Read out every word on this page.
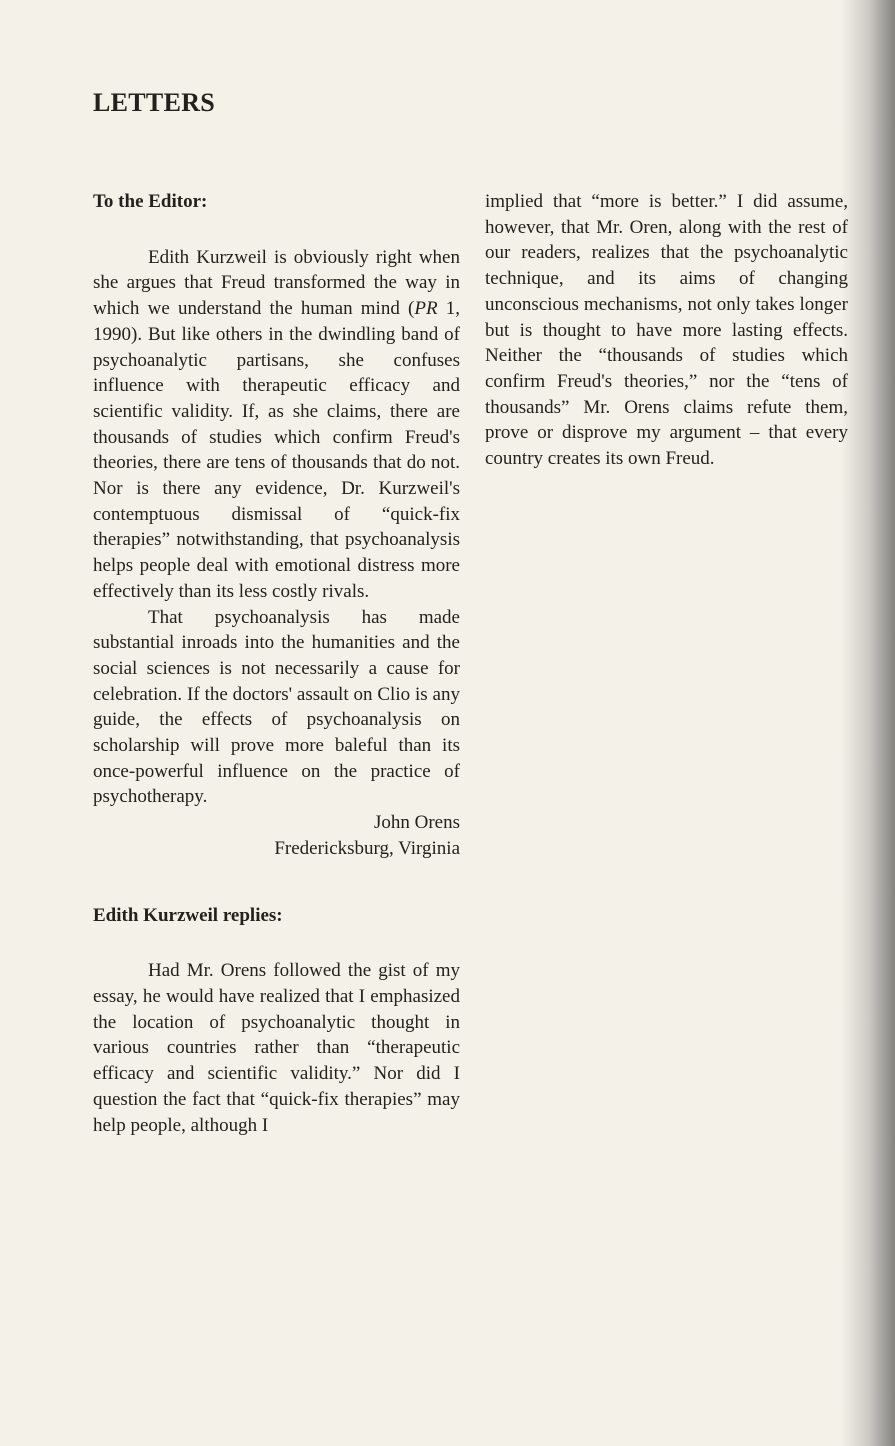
LETTERS

To the Editor:

Edith Kurzweil is obviously right when she argues that Freud transformed the way in which we understand the human mind (PR 1, 1990). But like others in the dwindling band of psychoanalytic partisans, she confuses influence with therapeutic efficacy and scientific validity. If, as she claims, there are thousands of studies which confirm Freud's theories, there are tens of thousands that do not. Nor is there any evidence, Dr. Kurzweil's contemptuous dismissal of “quick-fix therapies” notwithstanding, that psychoanalysis helps people deal with emotional distress more effectively than its less costly rivals.

That psychoanalysis has made substantial inroads into the humanities and the social sciences is not necessarily a cause for celebration. If the doctors' assault on Clio is any guide, the effects of psychoanalysis on scholarship will prove more baleful than its once-powerful influence on the practice of psychotherapy.

John Orens

Fredericksburg, Virginia

Edith Kurzweil replies:

Had Mr. Orens followed the gist of my essay, he would have realized that I emphasized the location of psychoanalytic thought in various countries rather than “therapeutic efficacy and scientific validity.” Nor did I question the fact that “quick-fix therapies” may help people, although I

implied that “more is better.” I did assume, however, that Mr. Oren, along with the rest of our readers, realizes that the psychoanalytic technique, and its aims of changing unconscious mechanisms, not only takes longer but is thought to have more lasting effects. Neither the “thousands of studies which confirm Freud's theories,” nor the “tens of thousands” Mr. Orens claims refute them, prove or disprove my argument – that every country creates its own Freud.
